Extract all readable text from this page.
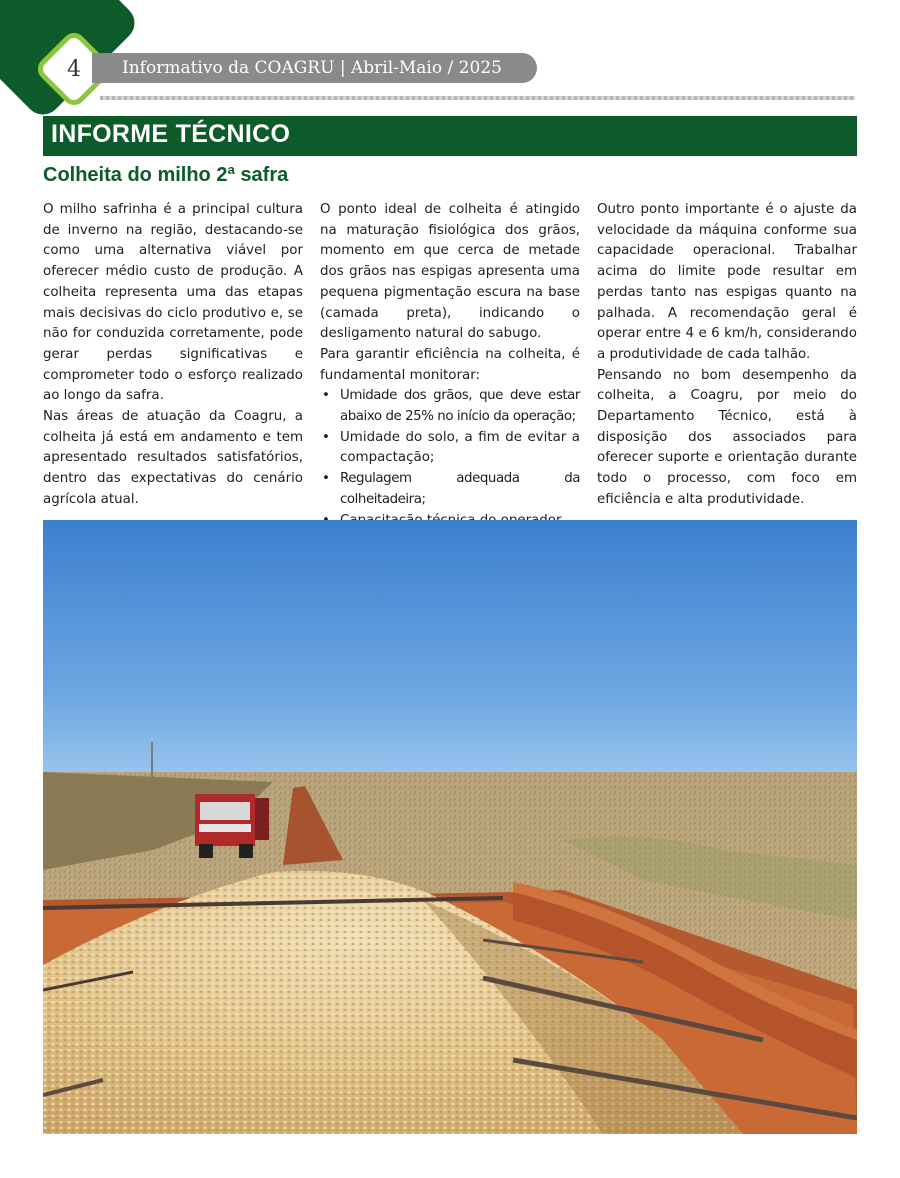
4	Informativo da COAGRU | Abril-Maio / 2025
INFORME TÉCNICO
Colheita do milho 2ª safra

O milho safrinha é a principal cultura de inverno na região, destacando-se como uma alternativa viável por oferecer médio custo de produção. A colheita representa uma das etapas mais decisivas do ciclo produtivo e, se não for conduzida corretamente, pode gerar perdas significativas e comprometer todo o esforço realizado ao longo da safra.

Nas áreas de atuação da Coagru, a colheita já está em andamento e tem apresentado resultados satisfatórios, dentro das expectativas do cenário agrícola atual.

O ponto ideal de colheita é atingido na maturação fisiológica dos grãos, momento em que cerca de metade dos grãos nas espigas apresenta uma pequena pigmentação escura na base (camada preta), indicando o desligamento natural do sabugo.

Para garantir eficiência na colheita, é fundamental monitorar:

• Umidade dos grãos, que deve estar abaixo de 25% no início da operação;
• Umidade do solo, a fim de evitar a compactação;
• Regulagem adequada da colheitadeira;
•

Outro ponto importante é o ajuste da velocidade da máquina conforme sua capacidade operacional. Trabalhar acima do limite pode resultar em perdas tanto nas espigas quanto na palhada. A recomendação geral é operar entre 4 e 6 km/h, considerando a produtividade de cada talhão.

Pensando no bom desempenho da colheita, a Coagru, por meio do Departamento Técnico, está à disposição dos associados para oferecer suporte e orientação durante todo o processo, com foco em eficiência e alta produtividade.
